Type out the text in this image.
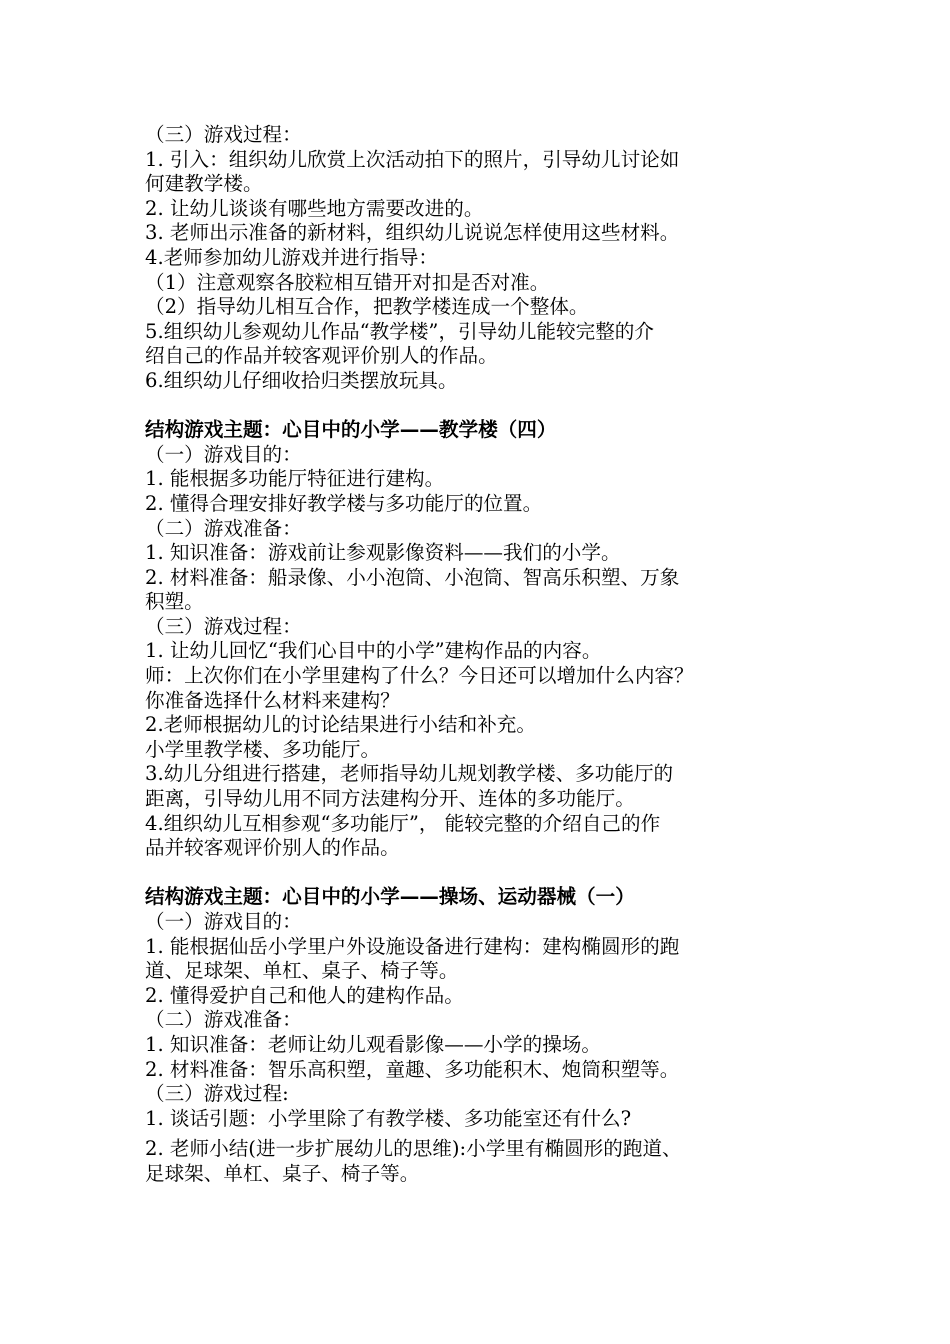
（三）游戏过程：
1. 引入：组织幼儿欣赏上次活动拍下的照片，引导幼儿讨论如
何建教学楼。
2. 让幼儿谈谈有哪些地方需要改进的。
3. 老师出示准备的新材料，组织幼儿说说怎样使用这些材料。
4.老师参加幼儿游戏并进行指导：
（1）注意观察各胶粒相互错开对扣是否对准。
（2）指导幼儿相互合作，把教学楼连成一个整体。
5.组织幼儿参观幼儿作品“教学楼”，引导幼儿能较完整的介
绍自己的作品并较客观评价别人的作品。
6.组织幼儿仔细收拾归类摆放玩具。
结构游戏主题：心目中的小学——教学楼（四）
（一）游戏目的：
1. 能根据多功能厅特征进行建构。
2. 懂得合理安排好教学楼与多功能厅的位置。
（二）游戏准备：
1. 知识准备：游戏前让参观影像资料——我们的小学。
2. 材料准备：船录像、小小泡筒、小泡筒、智高乐积塑、万象
积塑。
（三）游戏过程：
1. 让幼儿回忆“我们心目中的小学”建构作品的内容。
师：上次你们在小学里建构了什么？今日还可以增加什么内容？
你准备选择什么材料来建构？
2.老师根据幼儿的讨论结果进行小结和补充。
小学里教学楼、多功能厅。
3.幼儿分组进行搭建，老师指导幼儿规划教学楼、多功能厅的
距离，引导幼儿用不同方法建构分开、连体的多功能厅。
4.组织幼儿互相参观“多功能厅”， 能较完整的介绍自己的作
品并较客观评价别人的作品。
结构游戏主题：心目中的小学——操场、运动器械（一）
（一）游戏目的：
1. 能根据仙岳小学里户外设施设备进行建构：建构椭圆形的跑
道、足球架、单杠、桌子、椅子等。
2. 懂得爱护自己和他人的建构作品。
（二）游戏准备：
1. 知识准备：老师让幼儿观看影像——小学的操场。
2. 材料准备：智乐高积塑，童趣、多功能积木、炮筒积塑等。
（三）游戏过程:
1. 谈话引题：小学里除了有教学楼、多功能室还有什么?
2. 老师小结(进一步扩展幼儿的思维):小学里有椭圆形的跑道、
足球架、单杠、桌子、椅子等。
